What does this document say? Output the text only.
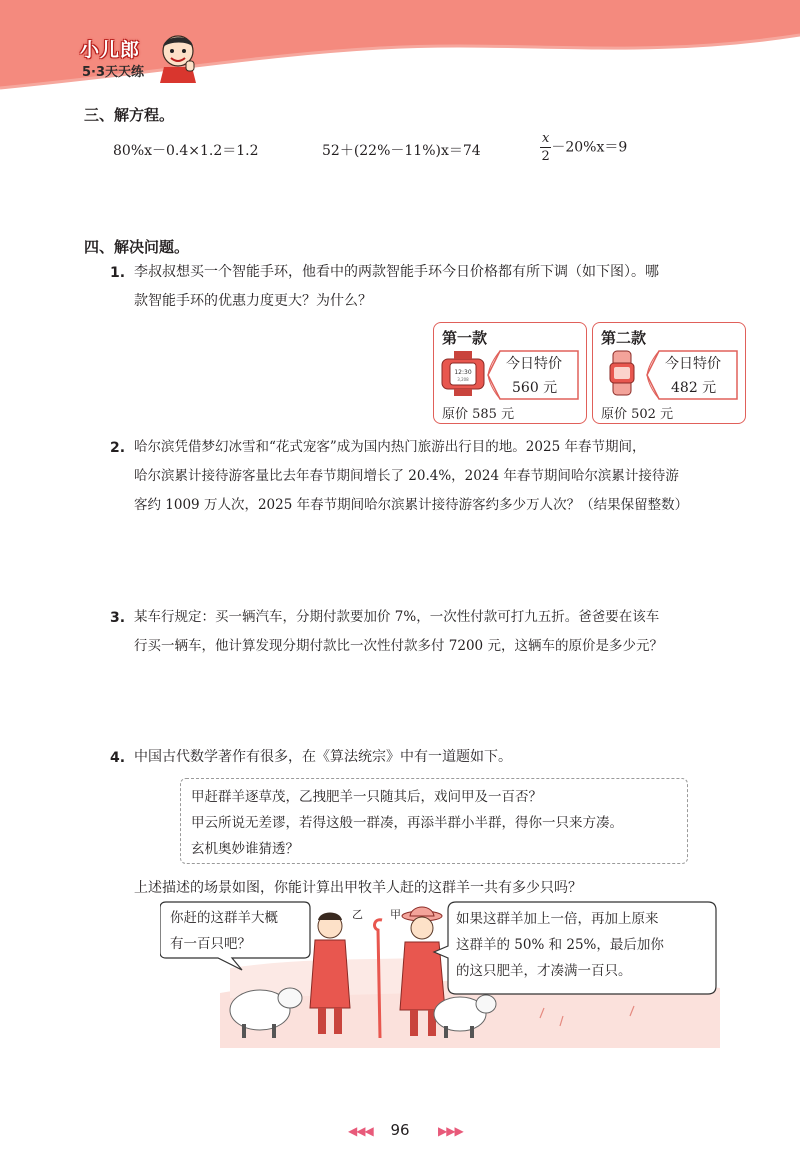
小儿郎
5·3天天练
三、解方程。
80%x－0.4×1.2＝1.2	52＋(22%－11%)x＝74	$\frac{x}{2} -20\%x=9$
四、解决问题。
1. 李叔叔想买一个智能手环，他看中的两款智能手环今日价格都有所下调（如下图）。哪
款智能手环的优惠力度更大？为什么？
第一款
12:30
3,208
今日特价
560 元
原价 585 元
第二款
今日特价
482 元
原价 502 元
2. 哈尔滨凭借梦幻冰雪和“花式宠客”成为国内热门旅游出行目的地。2025 年春节期间，
哈尔滨累计接待游客量比去年春节期间增长了 20.4%，2024 年春节期间哈尔滨累计接待游
客约 1009 万人次，2025 年春节期间哈尔滨累计接待游客约多少万人次？（结果保留整数）
3. 某车行规定：买一辆汽车，分期付款要加价 7%，一次性付款可打九五折。爸爸要在该车
行买一辆车，他计算发现分期付款比一次性付款多付 7200 元，这辆车的原价是多少元？
4. 中国古代数学著作有很多，在《算法统宗》中有一道题如下。
甲赶群羊逐草茂，乙拽肥羊一只随其后，戏问甲及一百否？
甲云所说无差谬，若得这般一群凑，再添半群小半群，得你一只来方凑。
玄机奥妙谁猜透？
上述描述的场景如图，你能计算出甲牧羊人赶的这群羊一共有多少只吗？
你赶的这群羊大概
有一百只吧？
如果这群羊加上一倍，再加上原来
这群羊的 50% 和 25%，最后加你
的这只肥羊，才凑满一百只。
乙 甲
◀◀◀ 96 ▶▶▶
